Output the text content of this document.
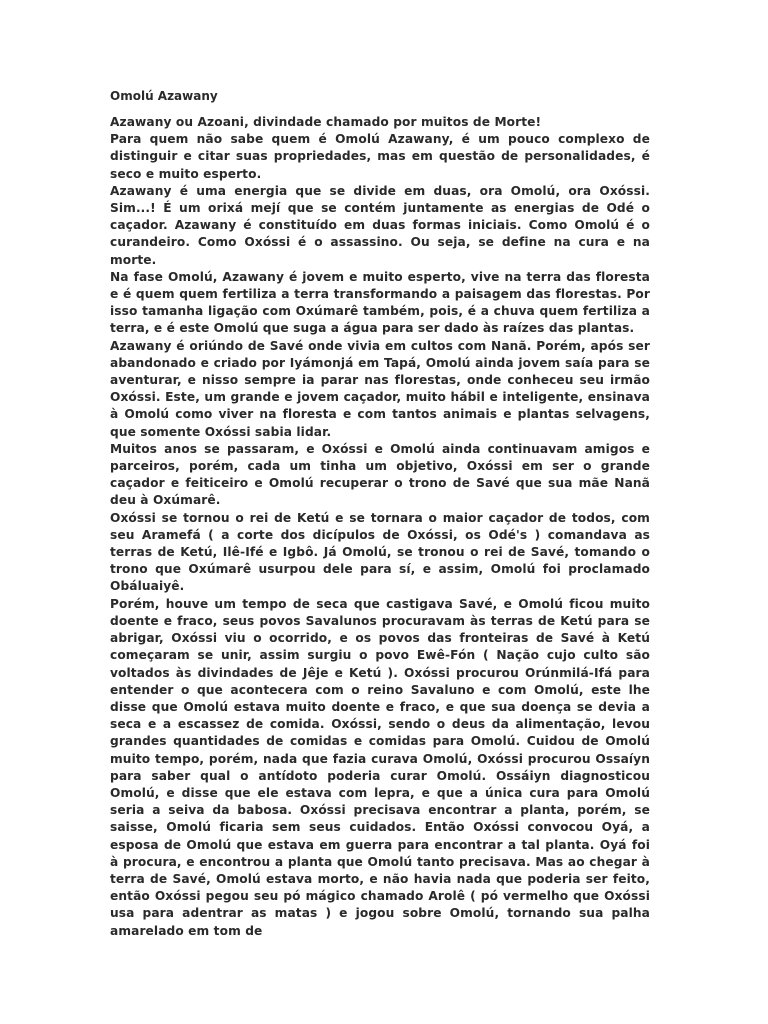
Omolú Azawany

Azawany ou Azoani, divindade chamado por muitos de Morte!

Para quem não sabe quem é Omolú Azawany, é um pouco complexo de distinguir e citar suas propriedades, mas em questão de personalidades, é seco e muito esperto.

Azawany é uma energia que se divide em duas, ora Omolú, ora Oxóssi. Sim...! É um orixá mejí que se contém juntamente as energias de Odé o caçador. Azawany é constituído em duas formas iniciais. Como Omolú é o curandeiro. Como Oxóssi é o assassino. Ou seja, se define na cura e na morte.

Na fase Omolú, Azawany é jovem e muito esperto, vive na terra das floresta e é quem quem fertiliza a terra transformando a paisagem das florestas. Por isso tamanha ligação com Oxúmarê também, pois, é a chuva quem fertiliza a terra, e é este Omolú que suga a água para ser dado às raízes das plantas.

Azawany é oriúndo de Savé onde vivia em cultos com Nanã. Porém, após ser abandonado e criado por Iyámonjá em Tapá, Omolú ainda jovem saía para se aventurar, e nisso sempre ia parar nas florestas, onde conheceu seu irmão Oxóssi. Este, um grande e jovem caçador, muito hábil e inteligente, ensinava à Omolú como viver na floresta e com tantos animais e plantas selvagens, que somente Oxóssi sabia lidar.

Muitos anos se passaram, e Oxóssi e Omolú ainda continuavam amigos e parceiros, porém, cada um tinha um objetivo, Oxóssi em ser o grande caçador e feiticeiro e Omolú recuperar o trono de Savé que sua mãe Nanã deu à Oxúmarê.

Oxóssi se tornou o rei de Ketú e se tornara o maior caçador de todos, com seu Aramefá ( a corte dos dicípulos de Oxóssi, os Odé's ) comandava as terras de Ketú, Ilê-Ifé e Igbô. Já Omolú, se tronou o rei de Savé, tomando o trono que Oxúmarê usurpou dele para sí, e assim, Omolú foi proclamado Obáluaiyê.

Porém, houve um tempo de seca que castigava Savé, e Omolú ficou muito doente e fraco, seus povos Savalunos procuravam às terras de Ketú para se abrigar, Oxóssi viu o ocorrido, e os povos das fronteiras de Savé à Ketú começaram se unir, assim surgiu o povo Ewê-Fón ( Nação cujo culto são voltados às divindades de Jêje e Ketú ). Oxóssi procurou Orúnmilá-Ifá para entender o que acontecera com o reino Savaluno e com Omolú, este lhe disse que Omolú estava muito doente e fraco, e que sua doença se devia a seca e a escassez de comida. Oxóssi, sendo o deus da alimentação, levou grandes quantidades de comidas e comidas para Omolú. Cuidou de Omolú muito tempo, porém, nada que fazia curava Omolú, Oxóssi procurou Ossaíyn para saber qual o antídoto poderia curar Omolú. Ossáiyn diagnosticou Omolú, e disse que ele estava com lepra, e que a única cura para Omolú seria a seiva da babosa. Oxóssi precisava encontrar a planta, porém, se saisse, Omolú ficaria sem seus cuidados. Então Oxóssi convocou Oyá, a esposa de Omolú que estava em guerra para encontrar a tal planta. Oyá foi à procura, e encontrou a planta que Omolú tanto precisava. Mas ao chegar à terra de Savé, Omolú estava morto, e não havia nada que poderia ser feito, então Oxóssi pegou seu pó mágico chamado Arolê ( pó vermelho que Oxóssi usa para adentrar as matas ) e jogou sobre Omolú, tornando sua palha amarelado em tom de
